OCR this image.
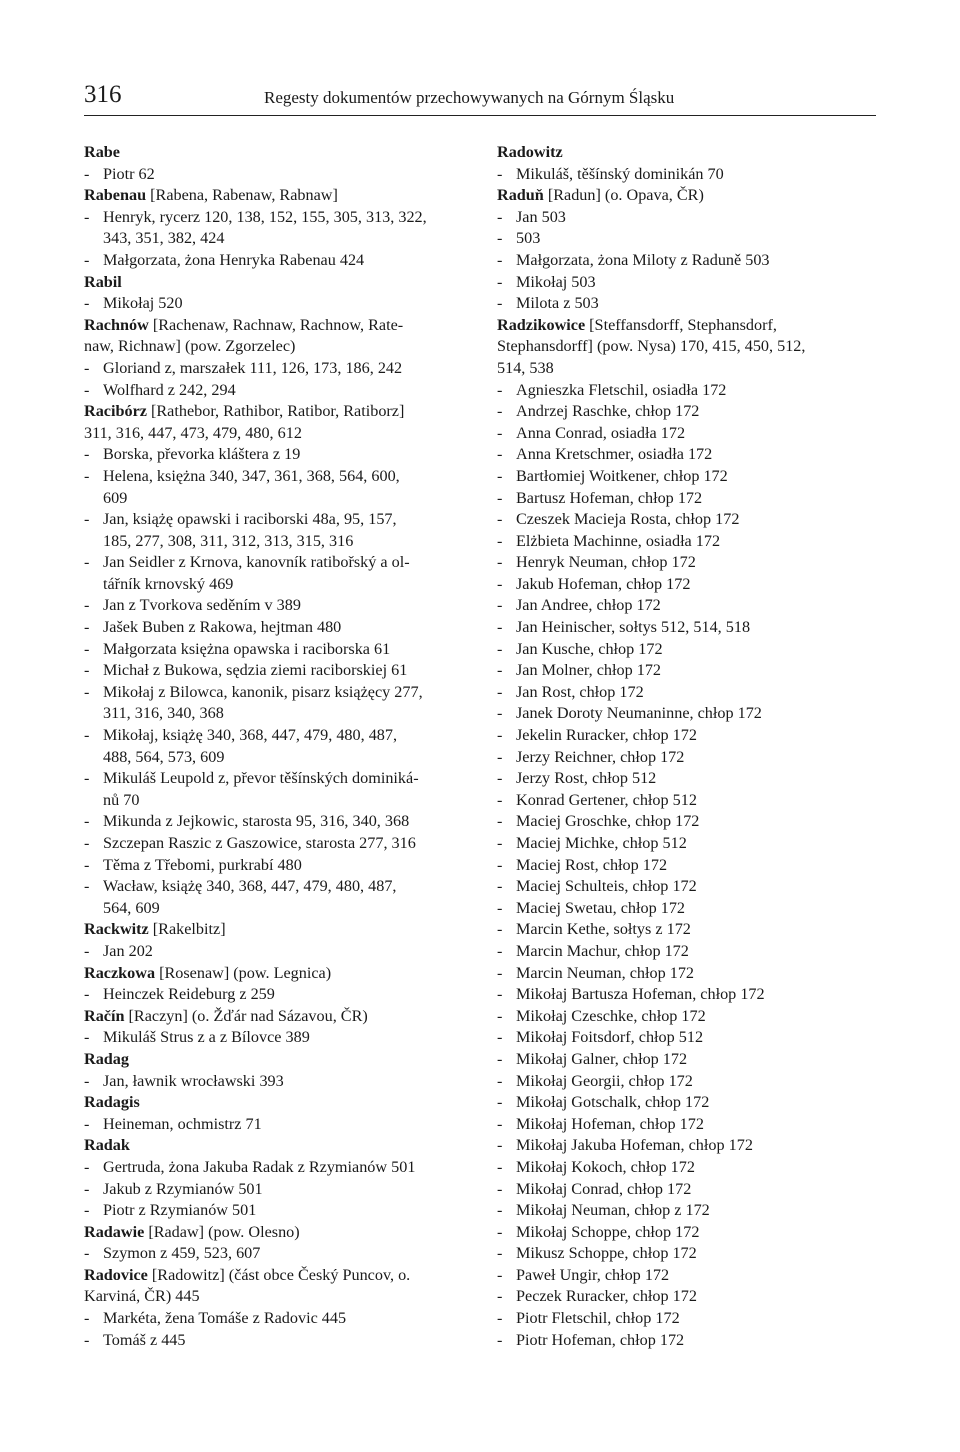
316	Regesty dokumentów przechowywanych na Górnym Śląsku

Rabe

- Piotr 62

Rabenau [Rabena, Rabenaw, Rabnaw]

- Henryk, rycerz 120, 138, 152, 155, 305, 313, 322,
343, 351, 382, 424

- Małgorzata, żona Henryka Rabenau 424

Rabil

- Mikołaj 520

Rachnów [Rachenaw, Rachnaw, Rachnow, Rate-
naw, Richnaw] (pow. Zgorzelec)

- Gloriand z, marszałek 111, 126, 173, 186, 242

- Wolfhard z 242, 294

Racibórz [Rathebor, Rathibor, Ratibor, Ratiborz]
311, 316, 447, 473, 479, 480, 612

- Borska, převorka kláštera z 19

- Helena, księżna 340, 347, 361, 368, 564, 600,
609

- Jan, książę opawski i raciborski 48a, 95, 157,
185, 277, 308, 311, 312, 313, 315, 316

- Jan Seidler z Krnova, kanovník ratibořský a ol-
tářník krnovský 469

- Jan z Tvorkova seděním v 389

- Jašek Buben z Rakowa, hejtman 480

- Małgorzata księżna opawska i raciborska 61

- Michał z Bukowa, sędzia ziemi raciborskiej 61

- Mikołaj z Bilowca, kanonik, pisarz książęcy 277,
311, 316, 340, 368

- Mikołaj, książę 340, 368, 447, 479, 480, 487,
488, 564, 573, 609

- Mikuláš Leupold z, převor těšínských dominiká-
nů 70

- Mikunda z Jejkowic, starosta 95, 316, 340, 368

- Szczepan Raszic z Gaszowice, starosta 277, 316

- Těma z Třebomi, purkrabí 480

- Wacław, książę 340, 368, 447, 479, 480, 487,
564, 609

Rackwitz [Rakelbitz]

- Jan 202

Raczkowa [Rosenaw] (pow. Legnica)

- Heinczek Reideburg z 259

Račín [Raczyn] (o. Žďár nad Sázavou, ČR)

- Mikuláš Strus z a z Bílovce 389

Radag

- Jan, ławnik wrocławski 393

Radagis

- Heineman, ochmistrz 71

Radak

- Gertruda, żona Jakuba Radak z Rzymianów 501

- Jakub z Rzymianów 501

- Piotr z Rzymianów 501

Radawie [Radaw] (pow. Olesno)

- Szymon z 459, 523, 607

Radovice [Radowitz] (část obce Český Puncov, o.
Karviná, ČR) 445

- Markéta, žena Tomáše z Radovic 445

- Tomáš z 445

Radowitz

- Mikuláš, těšínský dominikán 70

Raduň [Radun] (o. Opava, ČR)

- Jan 503

- 503

- Małgorzata, żona Miloty z Raduně 503

- Mikołaj 503

- Milota z 503

Radzikowice [Steffansdorff, Stephansdorf,
Stephansdorff] (pow. Nysa) 170, 415, 450, 512,
514, 538

- Agnieszka Fletschil, osiadła 172

- Andrzej Raschke, chłop 172

- Anna Conrad, osiadła 172

- Anna Kretschmer, osiadła 172

- Bartłomiej Woitkener, chłop 172

- Bartusz Hofeman, chłop 172

- Czeszek Macieja Rosta, chłop 172

- Elżbieta Machinne, osiadła 172

- Henryk Neuman, chłop 172

- Jakub Hofeman, chłop 172

- Jan Andree, chłop 172

- Jan Heinischer, sołtys 512, 514, 518

- Jan Kusche, chłop 172

- Jan Molner, chłop 172

- Jan Rost, chłop 172

- Janek Doroty Neumaninne, chłop 172

- Jekelin Ruracker, chłop 172

- Jerzy Reichner, chłop 172

- Jerzy Rost, chłop 512

- Konrad Gertener, chłop 512

- Maciej Groschke, chłop 172

- Maciej Michke, chłop 512

- Maciej Rost, chłop 172

- Maciej Schulteis, chłop 172

- Maciej Swetau, chłop 172

- Marcin Kethe, sołtys z 172

- Marcin Machur, chłop 172

- Marcin Neuman, chłop 172

- Mikołaj Bartusza Hofeman, chłop 172

- Mikołaj Czeschke, chłop 172

- Mikołaj Foitsdorf, chłop 512

- Mikołaj Galner, chłop 172

- Mikołaj Georgii, chłop 172

- Mikołaj Gotschalk, chłop 172

- Mikołaj Hofeman, chłop 172

- Mikołaj Jakuba Hofeman, chłop 172

- Mikołaj Kokoch, chłop 172

- Mikołaj Conrad, chłop 172

- Mikołaj Neuman, chłop z 172

- Mikołaj Schoppe, chłop 172

- Mikusz Schoppe, chłop 172

- Paweł Ungir, chłop 172

- Peczek Ruracker, chłop 172

- Piotr Fletschil, chłop 172

- Piotr Hofeman, chłop 172
